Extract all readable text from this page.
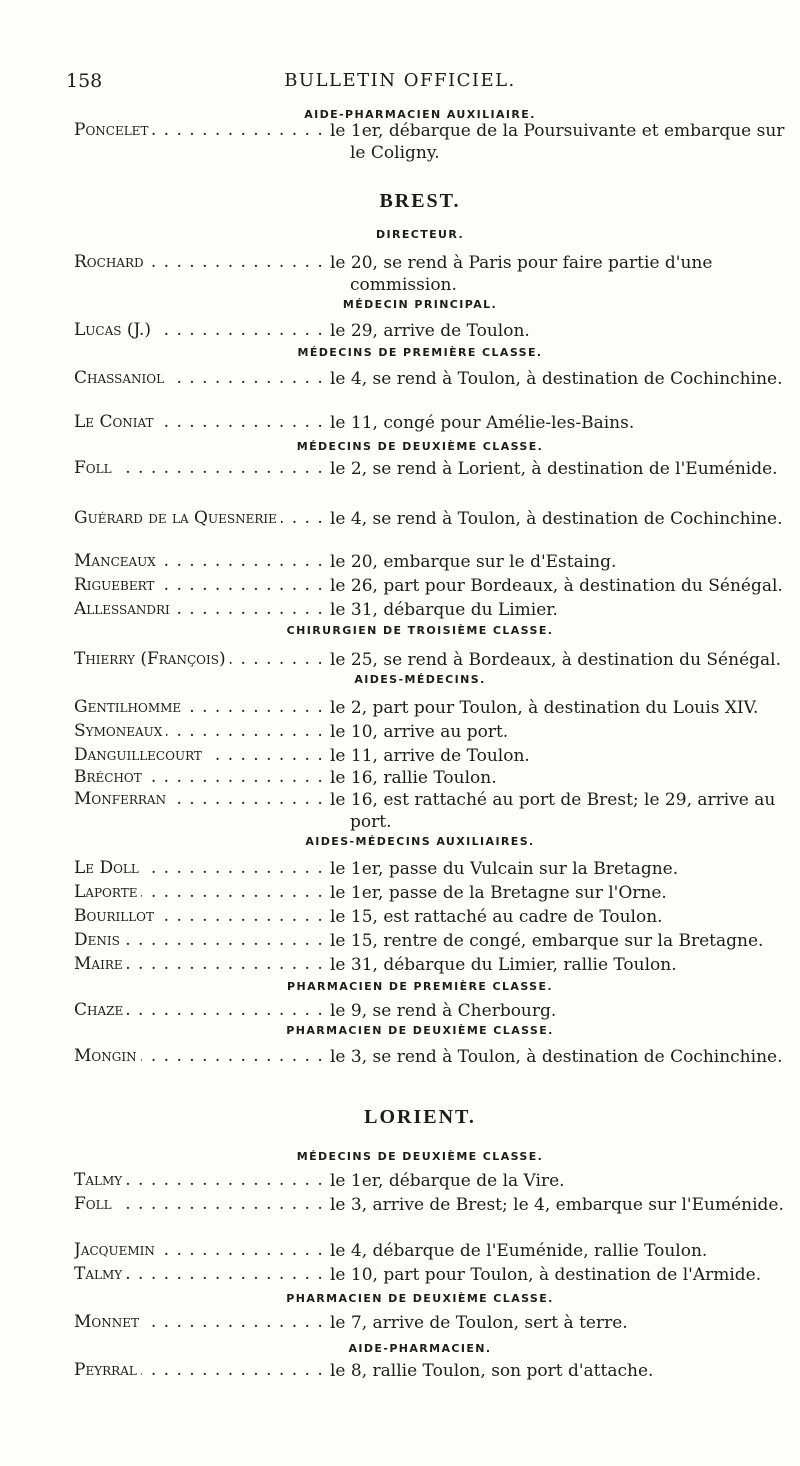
158	BULLETIN OFFICIEL.
AIDE-PHARMACIEN AUXILIAIRE.
Poncelet . . .	le 1er, débarque de la Poursuivante et embarque sur le Coligny.
BREST.
DIRECTEUR.
Rochard . . .	le 20, se rend à Paris pour faire partie d'une commission.
MÉDECIN PRINCIPAL.
Lucas (J.) . . .	le 29, arrive de Toulon.
MÉDECINS DE PREMIÈRE CLASSE.
Chassaniol . . .	le 4, se rend à Toulon, à destination de Cochinchine.
Le Coniat . . .	le 11, congé pour Amélie-les-Bains.
MÉDECINS DE DEUXIÈME CLASSE.
Foll . . .	le 2, se rend à Lorient, à destination de l'Euménide.
Guérard de la Quesnerie . . .	le 4, se rend à Toulon, à destination de Cochinchine.
Manceaux . . .	le 20, embarque sur le d'Estaing.
Riguebert . . .	le 26, part pour Bordeaux, à destination du Sénégal.
Allessandri . . .	le 31, débarque du Limier.
CHIRURGIEN DE TROISIÈME CLASSE.
Thierry (François) . . .	le 25, se rend à Bordeaux, à destination du Sénégal.
AIDES-MÉDECINS.
Gentilhomme . . .	le 2, part pour Toulon, à destination du Louis XIV.
Symoneaux . . .	le 10, arrive au port.
Danguillecourt . . .	le 11, arrive de Toulon.
Bréchot . . .	le 16, rallie Toulon.
Monferran . . .	le 16, est rattaché au port de Brest; le 29, arrive au port.
AIDES-MÉDECINS AUXILIAIRES.
Le Doll . . .	le 1er, passe du Vulcain sur la Bretagne.
Laporte . . .	le 1er, passe de la Bretagne sur l'Orne.
Bourillot . . .	le 15, est rattaché au cadre de Toulon.
Denis . . .	le 15, rentre de congé, embarque sur la Bretagne.
Maire . . .	le 31, débarque du Limier, rallie Toulon.
PHARMACIEN DE PREMIÈRE CLASSE.
Chaze . . .	le 9, se rend à Cherbourg.
PHARMACIEN DE DEUXIÈME CLASSE.
Mongin . . .	le 3, se rend à Toulon, à destination de Cochinchine.
LORIENT.
MÉDECINS DE DEUXIÈME CLASSE.
Talmy . . .	le 1er, débarque de la Vire.
Foll . . .	le 3, arrive de Brest; le 4, embarque sur l'Euménide.
Jacquemin . . .	le 4, débarque de l'Euménide, rallie Toulon.
Talmy . . .	le 10, part pour Toulon, à destination de l'Armide.
PHARMACIEN DE DEUXIÈME CLASSE.
Monnet . . .	le 7, arrive de Toulon, sert à terre.
AIDE-PHARMACIEN.
Peyrral . . .	le 8, rallie Toulon, son port d'attache.
